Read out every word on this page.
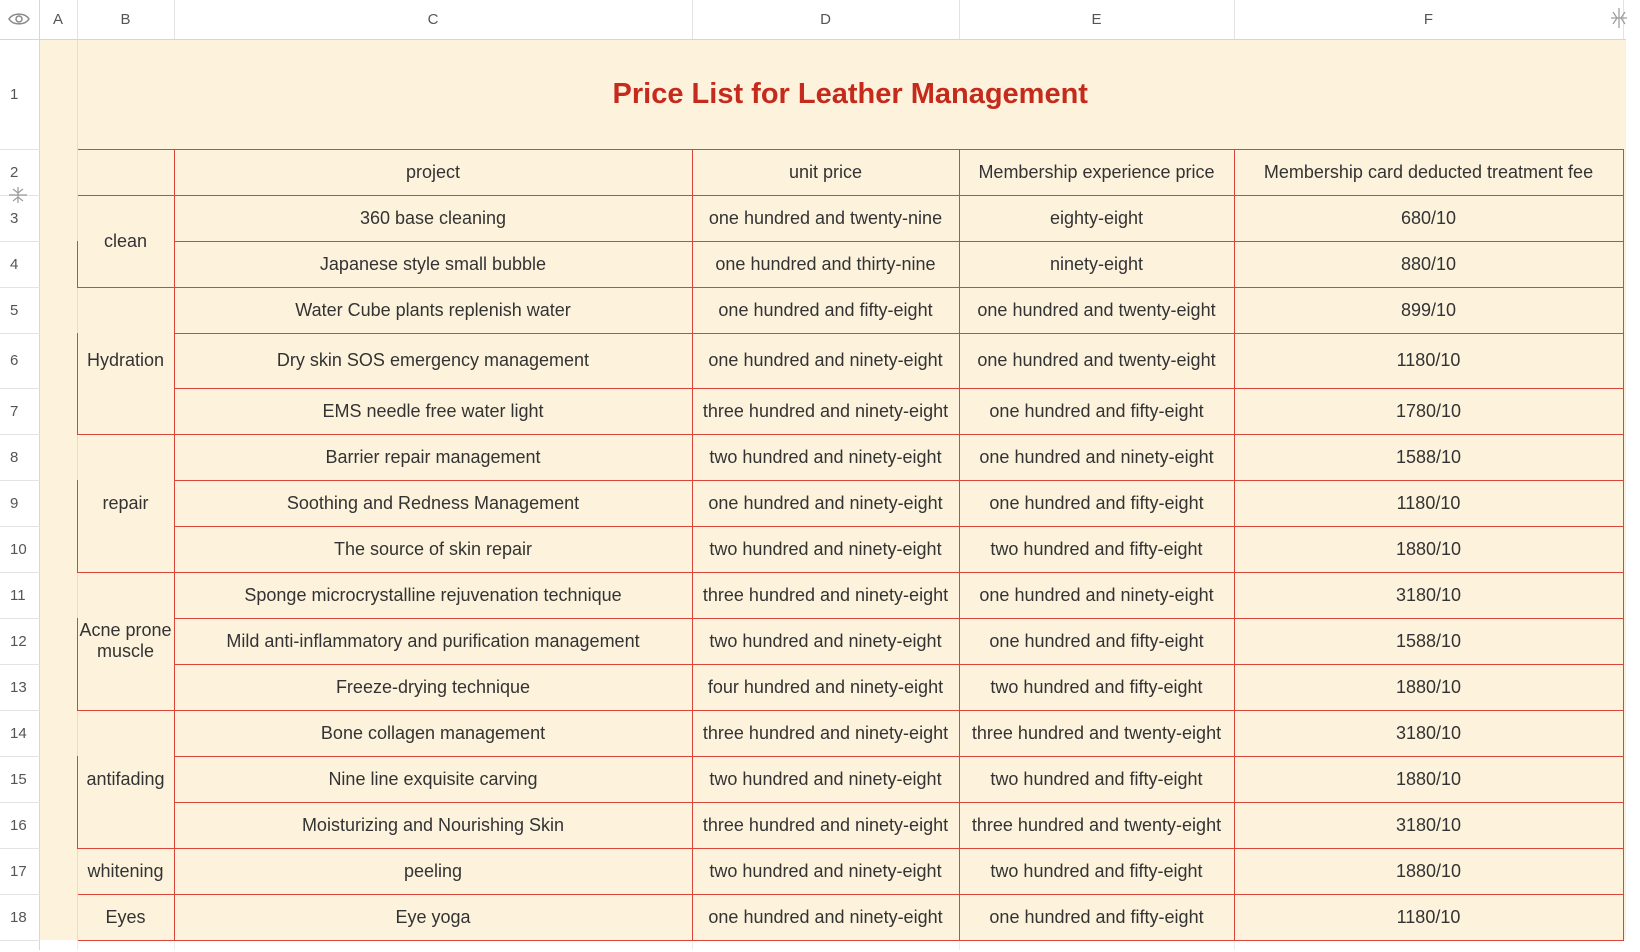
	A	B	C	D	E	F	
1		Price List for Leather Management					
2			project	unit price	Membership experience price	Membership card deducted treatment fee	
3		clean	360 base cleaning	one hundred and twenty-nine	eighty-eight	680/10	
4			Japanese style small bubble	one hundred and thirty-nine	ninety-eight	880/10	
5		Hydration	Water Cube plants replenish water	one hundred and fifty-eight	one hundred and twenty-eight	899/10	
6			Dry skin SOS emergency management	one hundred and ninety-eight	one hundred and twenty-eight	1180/10	
7			EMS needle free water light	three hundred and ninety-eight	one hundred and fifty-eight	1780/10	
8		repair	Barrier repair management	two hundred and ninety-eight	one hundred and ninety-eight	1588/10	
9			Soothing and Redness Management	one hundred and ninety-eight	one hundred and fifty-eight	1180/10	
10			The source of skin repair	two hundred and ninety-eight	two hundred and fifty-eight	1880/10	
11		Acne prone muscle	Sponge microcrystalline rejuvenation technique	three hundred and ninety-eight	one hundred and ninety-eight	3180/10	
12			Mild anti-inflammatory and purification management	two hundred and ninety-eight	one hundred and fifty-eight	1588/10	
13			Freeze-drying technique	four hundred and ninety-eight	two hundred and fifty-eight	1880/10	
14		antifading	Bone collagen management	three hundred and ninety-eight	three hundred and twenty-eight	3180/10	
15			Nine line exquisite carving	two hundred and ninety-eight	two hundred and fifty-eight	1880/10	
16			Moisturizing and Nourishing Skin	three hundred and ninety-eight	three hundred and twenty-eight	3180/10	
17		whitening	peeling	two hundred and ninety-eight	two hundred and fifty-eight	1880/10	
18		Eyes	Eye yoga	one hundred and ninety-eight	one hundred and fifty-eight	1180/10	
